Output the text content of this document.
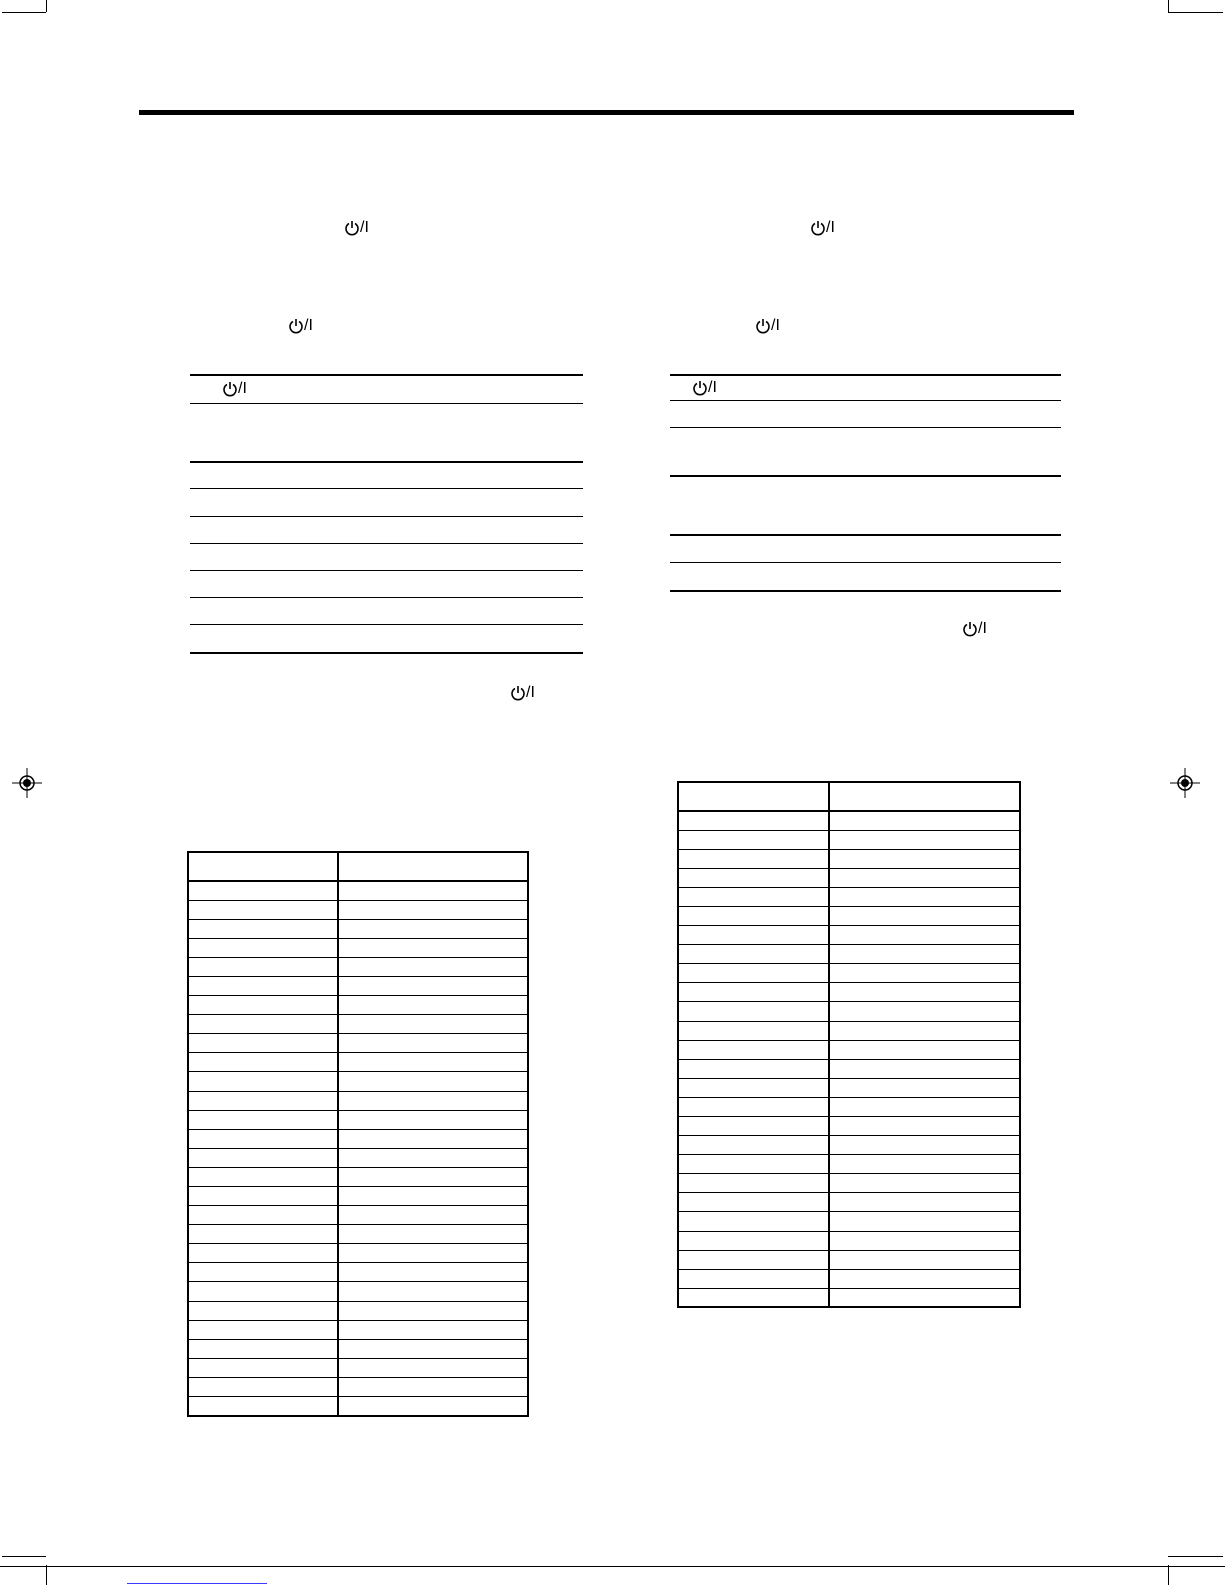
/I
/I
/I
/I
/I
/I
/I	/I
